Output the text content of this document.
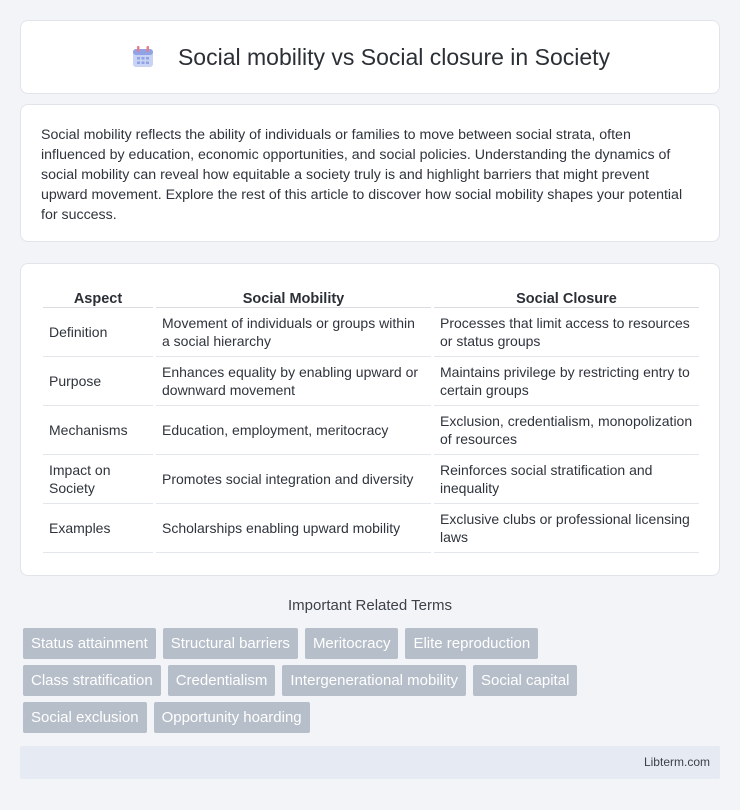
Social mobility vs Social closure in Society

Social mobility reflects the ability of individuals or families to move between social strata, often influenced by education, economic opportunities, and social policies. Understanding the dynamics of social mobility can reveal how equitable a society truly is and highlight barriers that might prevent upward movement. Explore the rest of this article to discover how social mobility shapes your potential for success.

Aspect		Social Mobility		Social Closure
Definition		Movement of individuals or groups within a social hierarchy		Processes that limit access to resources or status groups
Purpose		Enhances equality by enabling upward or downward movement		Maintains privilege by restricting entry to certain groups
Mechanisms		Education, employment, meritocracy		Exclusion, credentialism, monopolization of resources
Impact on Society		Promotes social integration and diversity		Reinforces social stratification and inequality
Examples		Scholarships enabling upward mobility		Exclusive clubs or professional licensing laws
Important Related Terms
Status attainment	Structural barriers	Meritocracy	Elite reproduction
Class stratification	Credentialism	Intergenerational mobility	Social capital
Social exclusion	Opportunity hoarding
Libterm.com
